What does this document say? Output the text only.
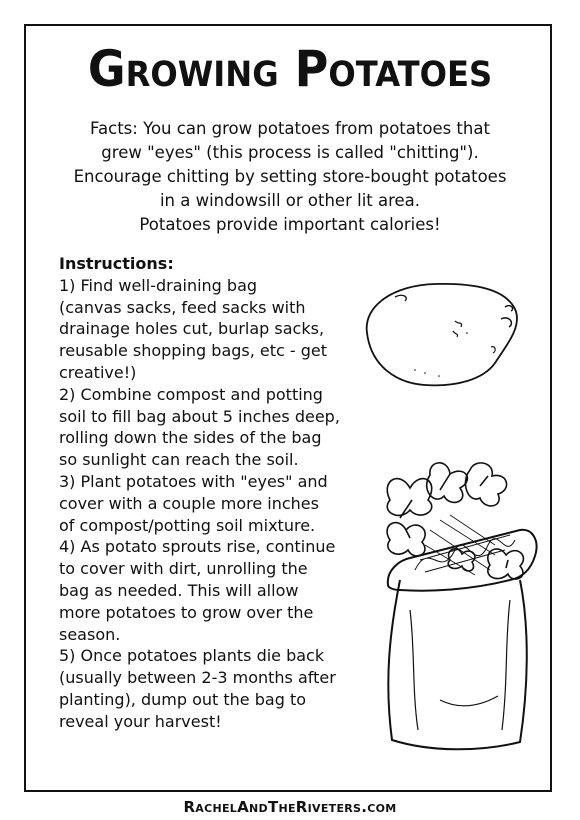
Growing Potatoes

Facts: You can grow potatoes from potatoes that

grew "eyes" (this process is called "chitting").

Encourage chitting by setting store-bought potatoes

in a windowsill or other lit area.

Potatoes provide important calories!

Instructions:

1) Find well-draining bag

(canvas sacks, feed sacks with

drainage holes cut, burlap sacks,

reusable shopping bags, etc - get

creative!)

2) Combine compost and potting

soil to fill bag about 5 inches deep,

rolling down the sides of the bag

so sunlight can reach the soil.

3) Plant potatoes with "eyes" and

cover with a couple more inches

of compost/potting soil mixture.

4) As potato sprouts rise, continue

to cover with dirt, unrolling the

bag as needed. This will allow

more potatoes to grow over the

season.

5) Once potatoes plants die back

(usually between 2-3 months after

planting), dump out the bag to

reveal your harvest!

RachelAndTheRiveters.com
